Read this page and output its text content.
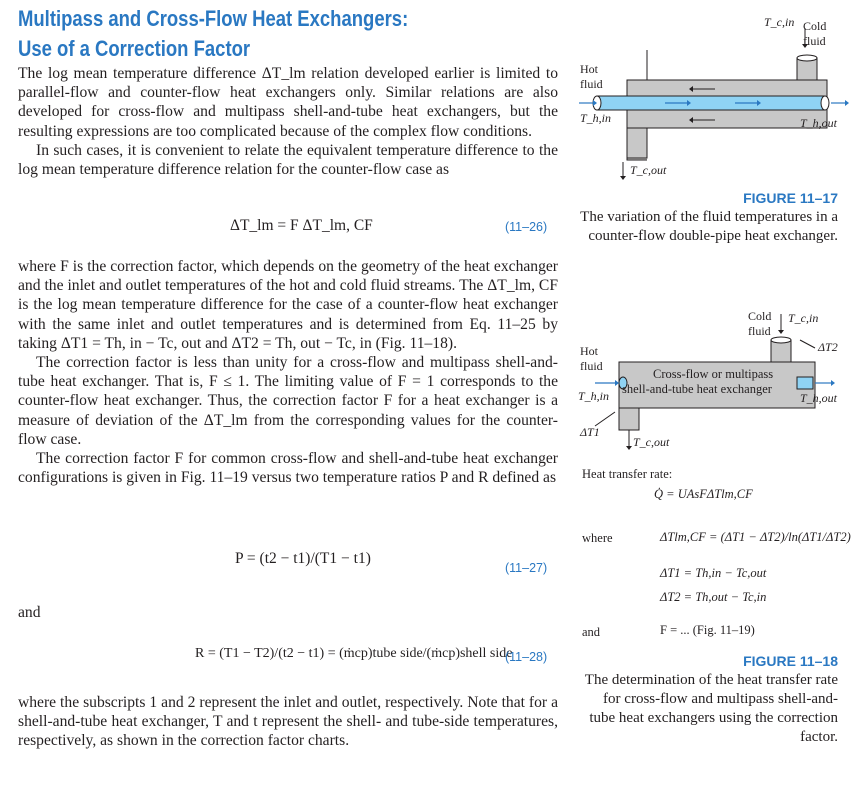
Multipass and Cross-Flow Heat Exchangers:
Use of a Correction Factor

The log mean temperature difference ΔT_lm relation developed earlier is limited to parallel-flow and counter-flow heat exchangers only. Similar relations are also developed for cross-flow and multipass shell-and-tube heat exchangers, but the resulting expressions are too complicated because of the complex flow conditions.

In such cases, it is convenient to relate the equivalent temperature difference to the log mean temperature difference relation for the counter-flow case as

ΔT_lm = F ΔT_lm, CF	(11–26)

where F is the correction factor, which depends on the geometry of the heat exchanger and the inlet and outlet temperatures of the hot and cold fluid streams. The ΔT_lm, CF is the log mean temperature difference for the case of a counter-flow heat exchanger with the same inlet and outlet temperatures and is determined from Eq. 11–25 by taking ΔT1 = Th, in − Tc, out and ΔT2 = Th, out − Tc, in (Fig. 11–18).

The correction factor is less than unity for a cross-flow and multipass shell-and-tube heat exchanger. That is, F ≤ 1. The limiting value of F = 1 corresponds to the counter-flow heat exchanger. Thus, the correction factor F for a heat exchanger is a measure of deviation of the ΔT_lm from the corresponding values for the counter-flow case.

The correction factor F for common cross-flow and shell-and-tube heat exchanger configurations is given in Fig. 11–19 versus two temperature ratios P and R defined as

P = (t2 − t1)/(T1 − t1)
(11–27)
and
R = (T1 − T2)/(t2 − t1) = (ṁcp)tube side/(ṁcp)shell side
(11–28)

where the subscripts 1 and 2 represent the inlet and outlet, respectively. Note that for a shell-and-tube heat exchanger, T and t represent the shell- and tube-side temperatures, respectively, as shown in the correction factor charts.

Hot
fluid
Cold
fluid
T_c,in
T_h,in	T_h,out
T_c,out
FIGURE 11–17
The variation of the fluid temperatures in a counter-flow double-pipe heat exchanger.
Cross-flow or multipass
shell-and-tube heat exchanger
Hot
fluid
Cold
fluid
T_c,in
ΔT2
T_h,in	T_h,out
ΔT1
T_c,out
Heat transfer rate:
Q̇ = UAsFΔTlm,CF
where	ΔTlm,CF = (ΔT1 − ΔT2)/ln(ΔT1/ΔT2)
ΔT1 = Th,in − Tc,out
ΔT2 = Th,out − Tc,in
and	F = ... (Fig. 11–19)
FIGURE 11–18
The determination of the heat transfer rate for cross-flow and multipass shell-and-tube heat exchangers using the correction factor.
